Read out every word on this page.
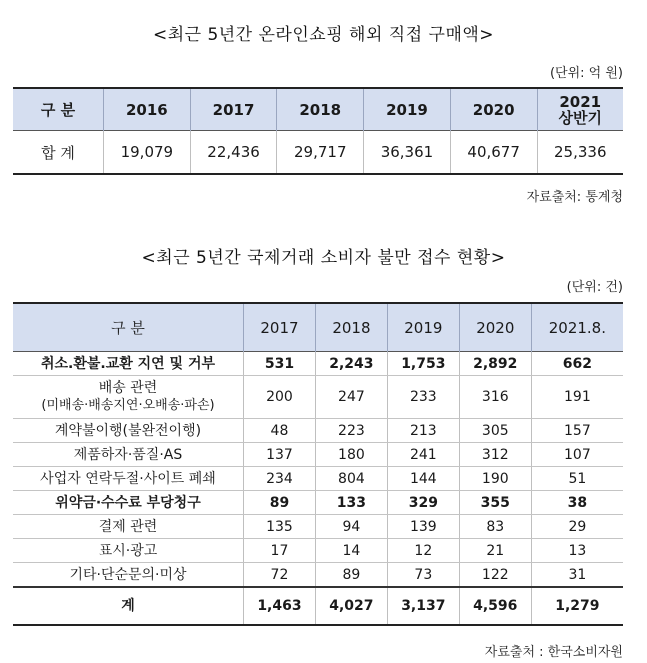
<최근 5년간 온라인쇼핑 해외 직접 구매액>
(단위: 억 원)
구 분	2016	2017	2018	2019	2020	2021
상반기

합 계	19,079	22,436	29,717	36,361	40,677	25,336
자료출처: 통계청
<최근 5년간 국제거래 소비자 불만 접수 현황>
(단위: 건)
구 분	2017	2018	2019	2020	2021.8.
취소.환불.교환 지연 및 거부	531	2,243	1,753	2,892	662

배송 관련
(미배송·배송지연·오배송·파손)	200	247	233	316	191
계약불이행(불완전이행)	48	223	213	305	157
제품하자·품질·AS	137	180	241	312	107
사업자 연락두절·사이트 폐쇄	234	804	144	190	51
위약금·수수료 부당청구	89	133	329	355	38
결제 관련	135	94	139	83	29
표시·광고	17	14	12	21	13
기타·단순문의·미상	72	89	73	122	31
계	1,463	4,027	3,137	4,596	1,279
자료출처 : 한국소비자원
